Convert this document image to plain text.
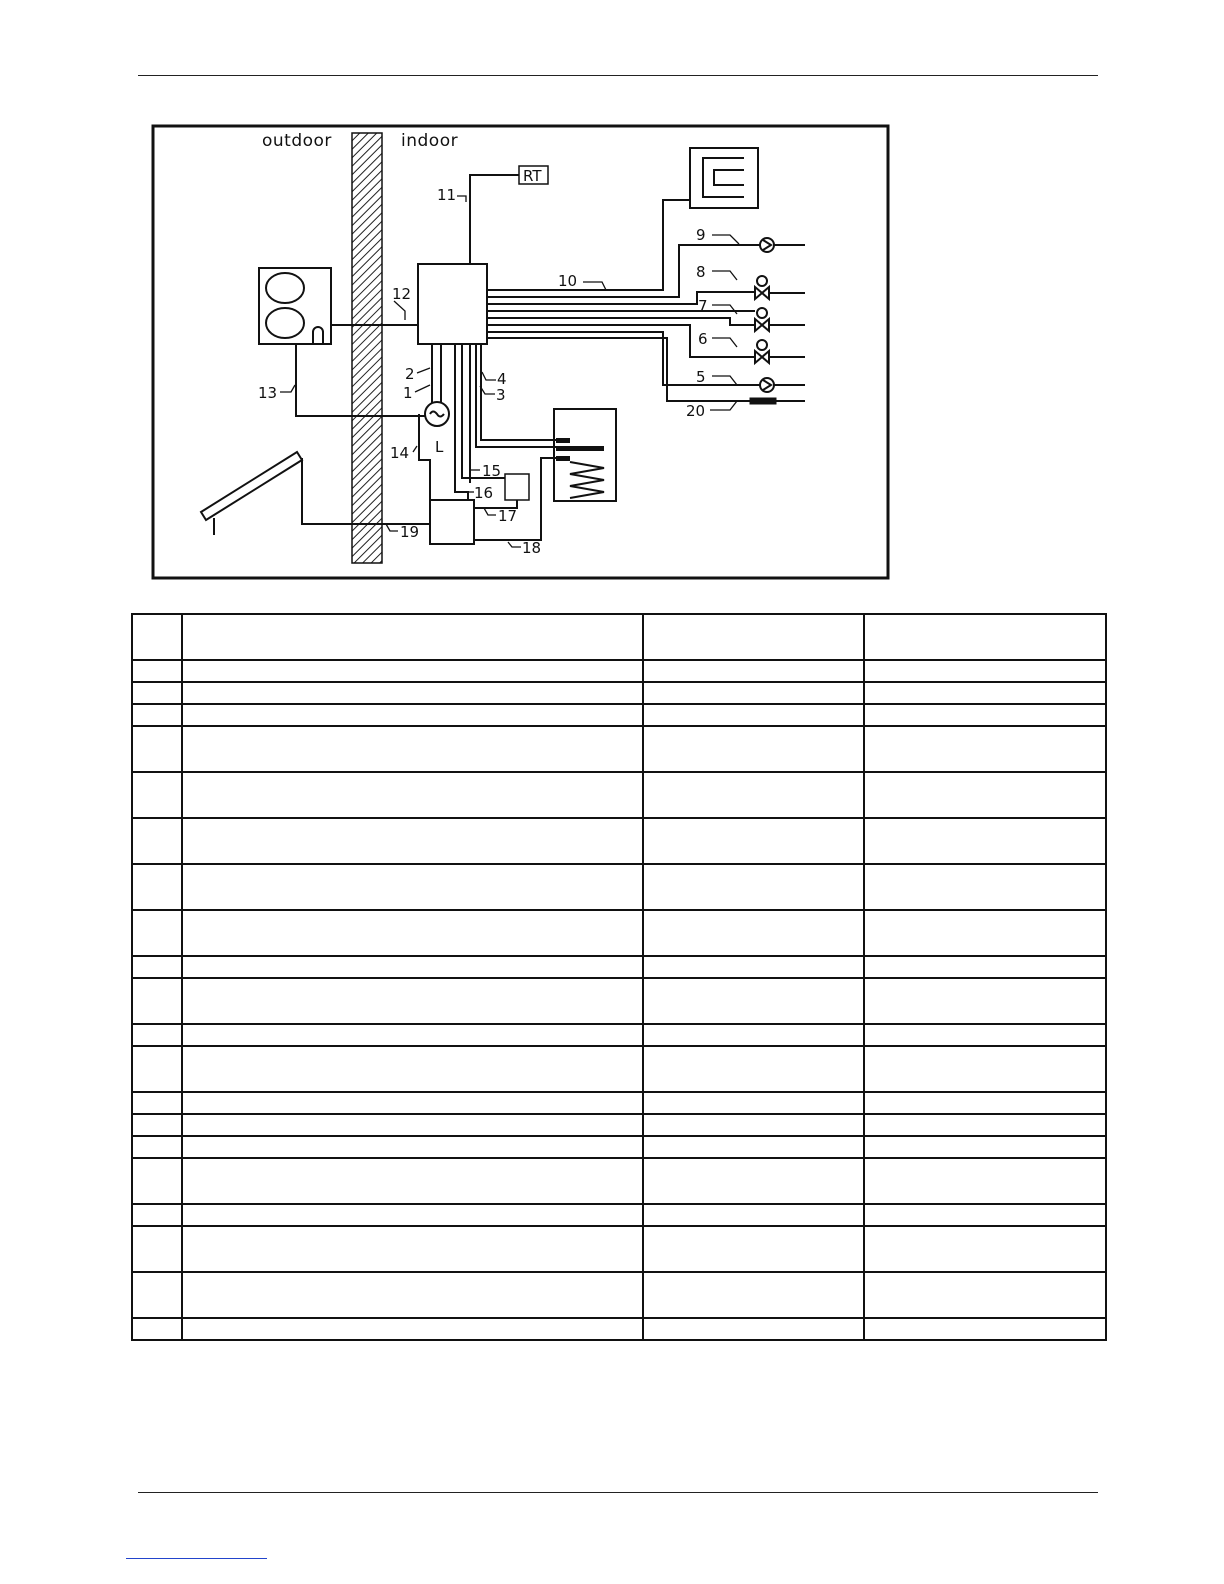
outdoor	indoor
RT
L
11
10
9
8
7
6
5
20
12
13
2
1
4
3
14
15
16
17
18
19
